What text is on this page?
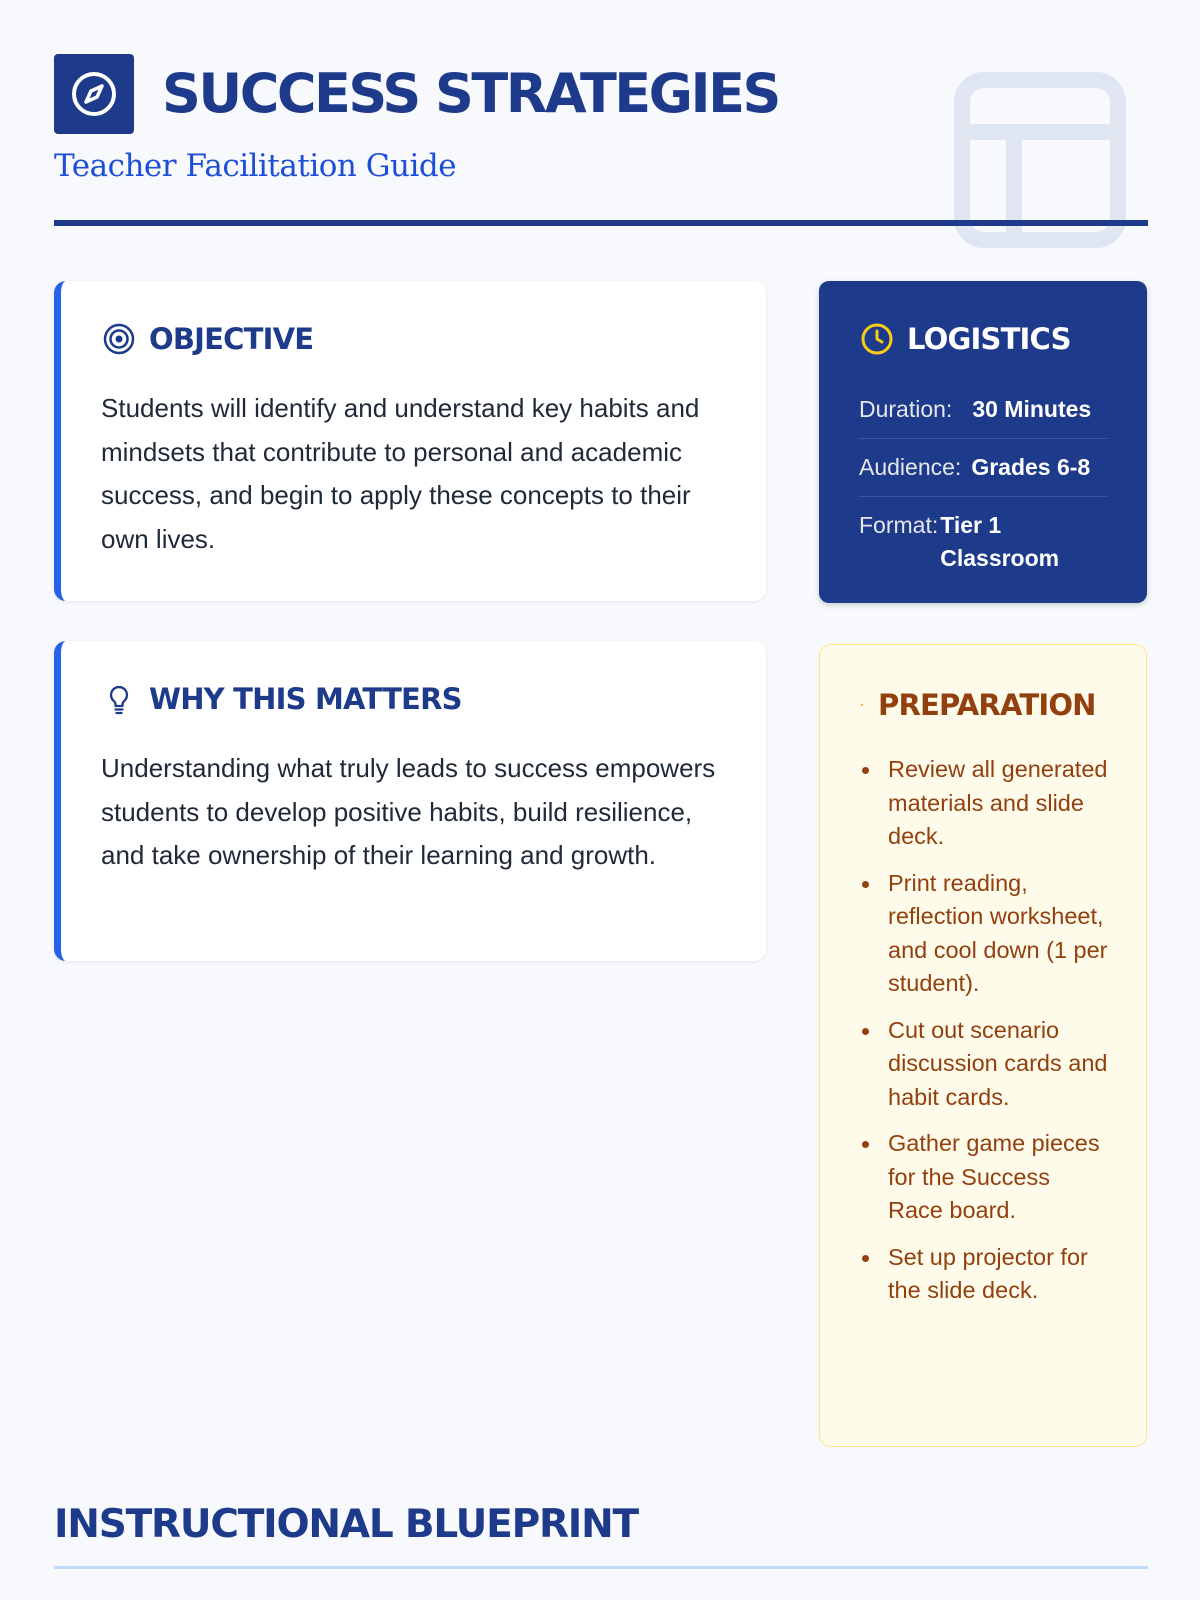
SUCCESS STRATEGIES
Teacher Facilitation Guide
OBJECTIVE

Students will identify and understand key habits and mindsets that contribute to personal and academic success, and begin to apply these concepts to their own lives.

WHY THIS MATTERS

Understanding what truly leads to success empowers students to develop positive habits, build resilience, and take ownership of their learning and growth.

LOGISTICS
Duration: 30 Minutes
Audience: Grades 6-8
Format: Tier 1 Classroom
PREPARATION
Review all generated materials and slide deck.
Print reading, reflection worksheet, and cool down (1 per student).
Cut out scenario discussion cards and habit cards.
Gather game pieces for the Success Race board.
Set up projector for the slide deck.
INSTRUCTIONAL BLUEPRINT
